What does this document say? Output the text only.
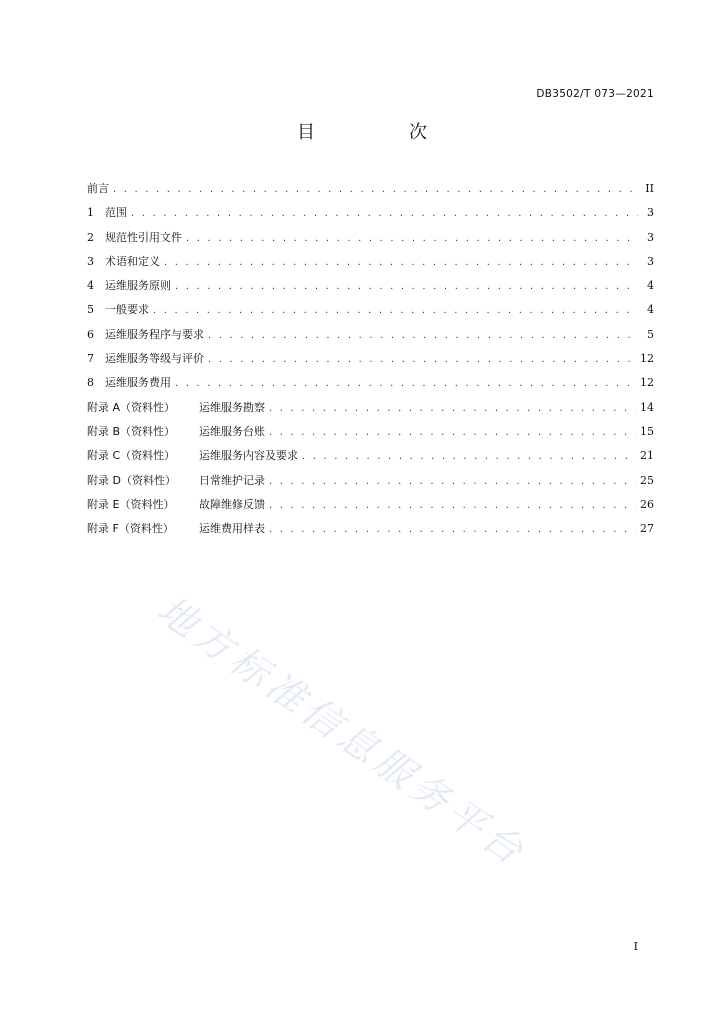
DB3502/T 073—2021
目　次
前言 . . .	II
1	范围 . . .	3
2	规范性引用文件 . . .	3
3	术语和定义 . . .	3
4	运维服务原则 . . .	4
5	一般要求 . . .	4
6	运维服务程序与要求 . . .	5
7	运维服务等级与评价 . . .	12
8	运维服务费用 . . .	12
附录 A（资料性）	运维服务勘察 . . .	14
附录 B（资料性）	运维服务台账 . . .	15
附录 C（资料性）	运维服务内容及要求 . . .	21
附录 D（资料性）	日常维护记录 . . .	25
附录 E（资料性）	故障维修反馈 . . .	26
附录 F（资料性）	运维费用样表 . . .	27
地方标准信息服务平台
I
